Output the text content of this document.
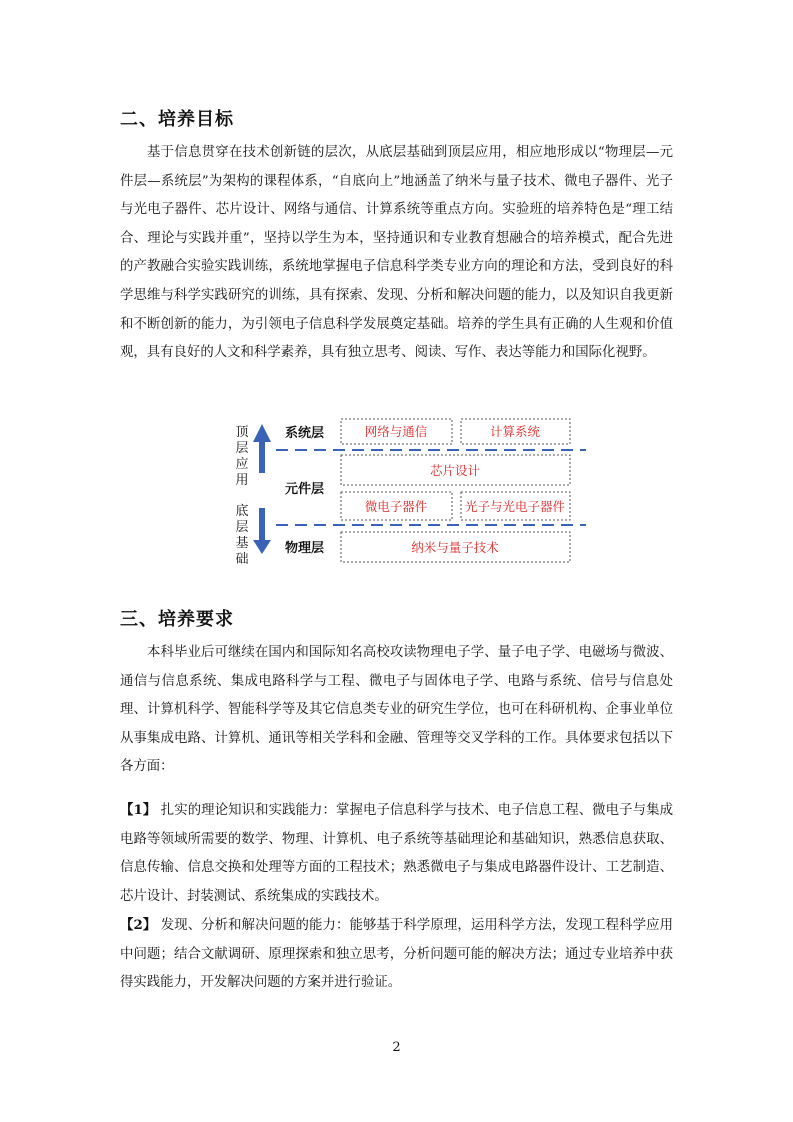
二、培养目标

基于信息贯穿在技术创新链的层次，从底层基础到顶层应用，相应地形成以“物理层—元件层—系统层”为架构的课程体系，“自底向上”地涵盖了纳米与量子技术、微电子器件、光子与光电子器件、芯片设计、网络与通信、计算系统等重点方向。实验班的培养特色是“理工结合、理论与实践并重”，坚持以学生为本，坚持通识和专业教育想融合的培养模式，配合先进的产教融合实验实践训练，系统地掌握电子信息科学类专业方向的理论和方法，受到良好的科学思维与科学实践研究的训练，具有探索、发现、分析和解决问题的能力，以及知识自我更新和不断创新的能力，为引领电子信息科学发展奠定基础。培养的学生具有正确的人生观和价值观，具有良好的人文和科学素养，具有独立思考、阅读、写作、表达等能力和国际化视野。

顶
层
应
用
底
层
基
础
系统层
元件层
物理层
网络与通信	计算系统
芯片设计
微电子器件	光子与光电子器件
纳米与量子技术
三、培养要求

本科毕业后可继续在国内和国际知名高校攻读物理电子学、量子电子学、电磁场与微波、通信与信息系统、集成电路科学与工程、微电子与固体电子学、电路与系统、信号与信息处理、计算机科学、智能科学等及其它信息类专业的研究生学位，也可在科研机构、企事业单位从事集成电路、计算机、通讯等相关学科和金融、管理等交叉学科的工作。具体要求包括以下各方面：

【1】 扎实的理论知识和实践能力：掌握电子信息科学与技术、电子信息工程、微电子与集成电路等领域所需要的数学、物理、计算机、电子系统等基础理论和基础知识，熟悉信息获取、信息传输、信息交换和处理等方面的工程技术；熟悉微电子与集成电路器件设计、工艺制造、芯片设计、封装测试、系统集成的实践技术。

【2】 发现、分析和解决问题的能力：能够基于科学原理，运用科学方法，发现工程科学应用中问题；结合文献调研、原理探索和独立思考，分析问题可能的解决方法；通过专业培养中获得实践能力，开发解决问题的方案并进行验证。

2
